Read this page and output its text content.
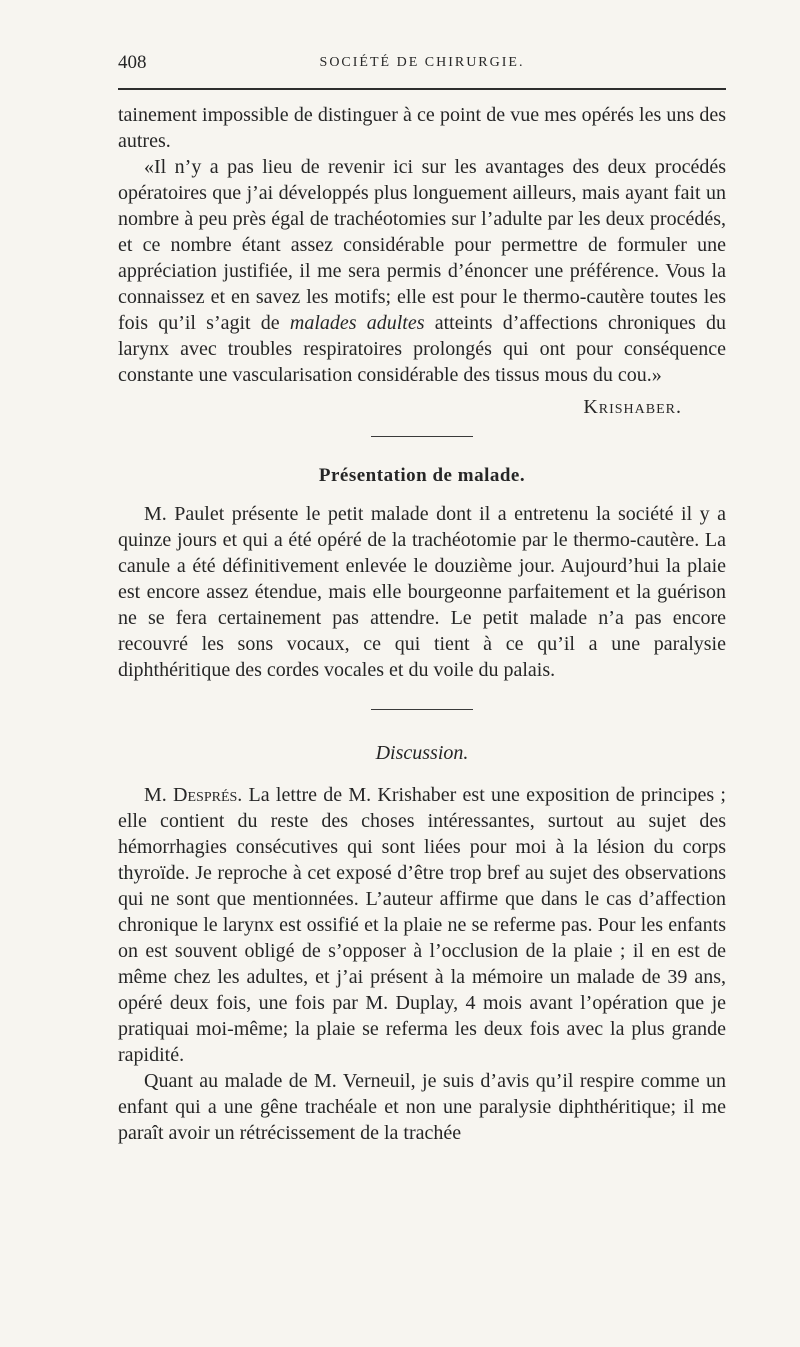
408	SOCIÉTÉ DE CHIRURGIE.

tainement impossible de distinguer à ce point de vue mes opérés les uns des autres.

«Il n’y a pas lieu de revenir ici sur les avantages des deux procédés opératoires que j’ai développés plus longuement ailleurs, mais ayant fait un nombre à peu près égal de trachéotomies sur l’adulte par les deux procédés, et ce nombre étant assez considérable pour permettre de formuler une appréciation justifiée, il me sera permis d’énoncer une préférence. Vous la connaissez et en savez les motifs; elle est pour le thermo-cautère toutes les fois qu’il s’agit de malades adultes atteints d’affections chroniques du larynx avec troubles respiratoires prolongés qui ont pour conséquence constante une vascularisation considérable des tissus mous du cou.»

Krishaber.

Présentation de malade.

M. Paulet présente le petit malade dont il a entretenu la société il y a quinze jours et qui a été opéré de la trachéotomie par le thermo-cautère. La canule a été définitivement enlevée le douzième jour. Aujourd’hui la plaie est encore assez étendue, mais elle bourgeonne parfaitement et la guérison ne se fera certainement pas attendre. Le petit malade n’a pas encore recouvré les sons vocaux, ce qui tient à ce qu’il a une paralysie diphthéritique des cordes vocales et du voile du palais.

Discussion.

M. Després. La lettre de M. Krishaber est une exposition de principes ; elle contient du reste des choses intéressantes, surtout au sujet des hémorrhagies consécutives qui sont liées pour moi à la lésion du corps thyroïde. Je reproche à cet exposé d’être trop bref au sujet des observations qui ne sont que mentionnées. L’auteur affirme que dans le cas d’affection chronique le larynx est ossifié et la plaie ne se referme pas. Pour les enfants on est souvent obligé de s’opposer à l’occlusion de la plaie ; il en est de même chez les adultes, et j’ai présent à la mémoire un malade de 39 ans, opéré deux fois, une fois par M. Duplay, 4 mois avant l’opération que je pratiquai moi-même; la plaie se referma les deux fois avec la plus grande rapidité.

Quant au malade de M. Verneuil, je suis d’avis qu’il respire comme un enfant qui a une gêne trachéale et non une paralysie diphthéritique; il me paraît avoir un rétrécissement de la trachée
